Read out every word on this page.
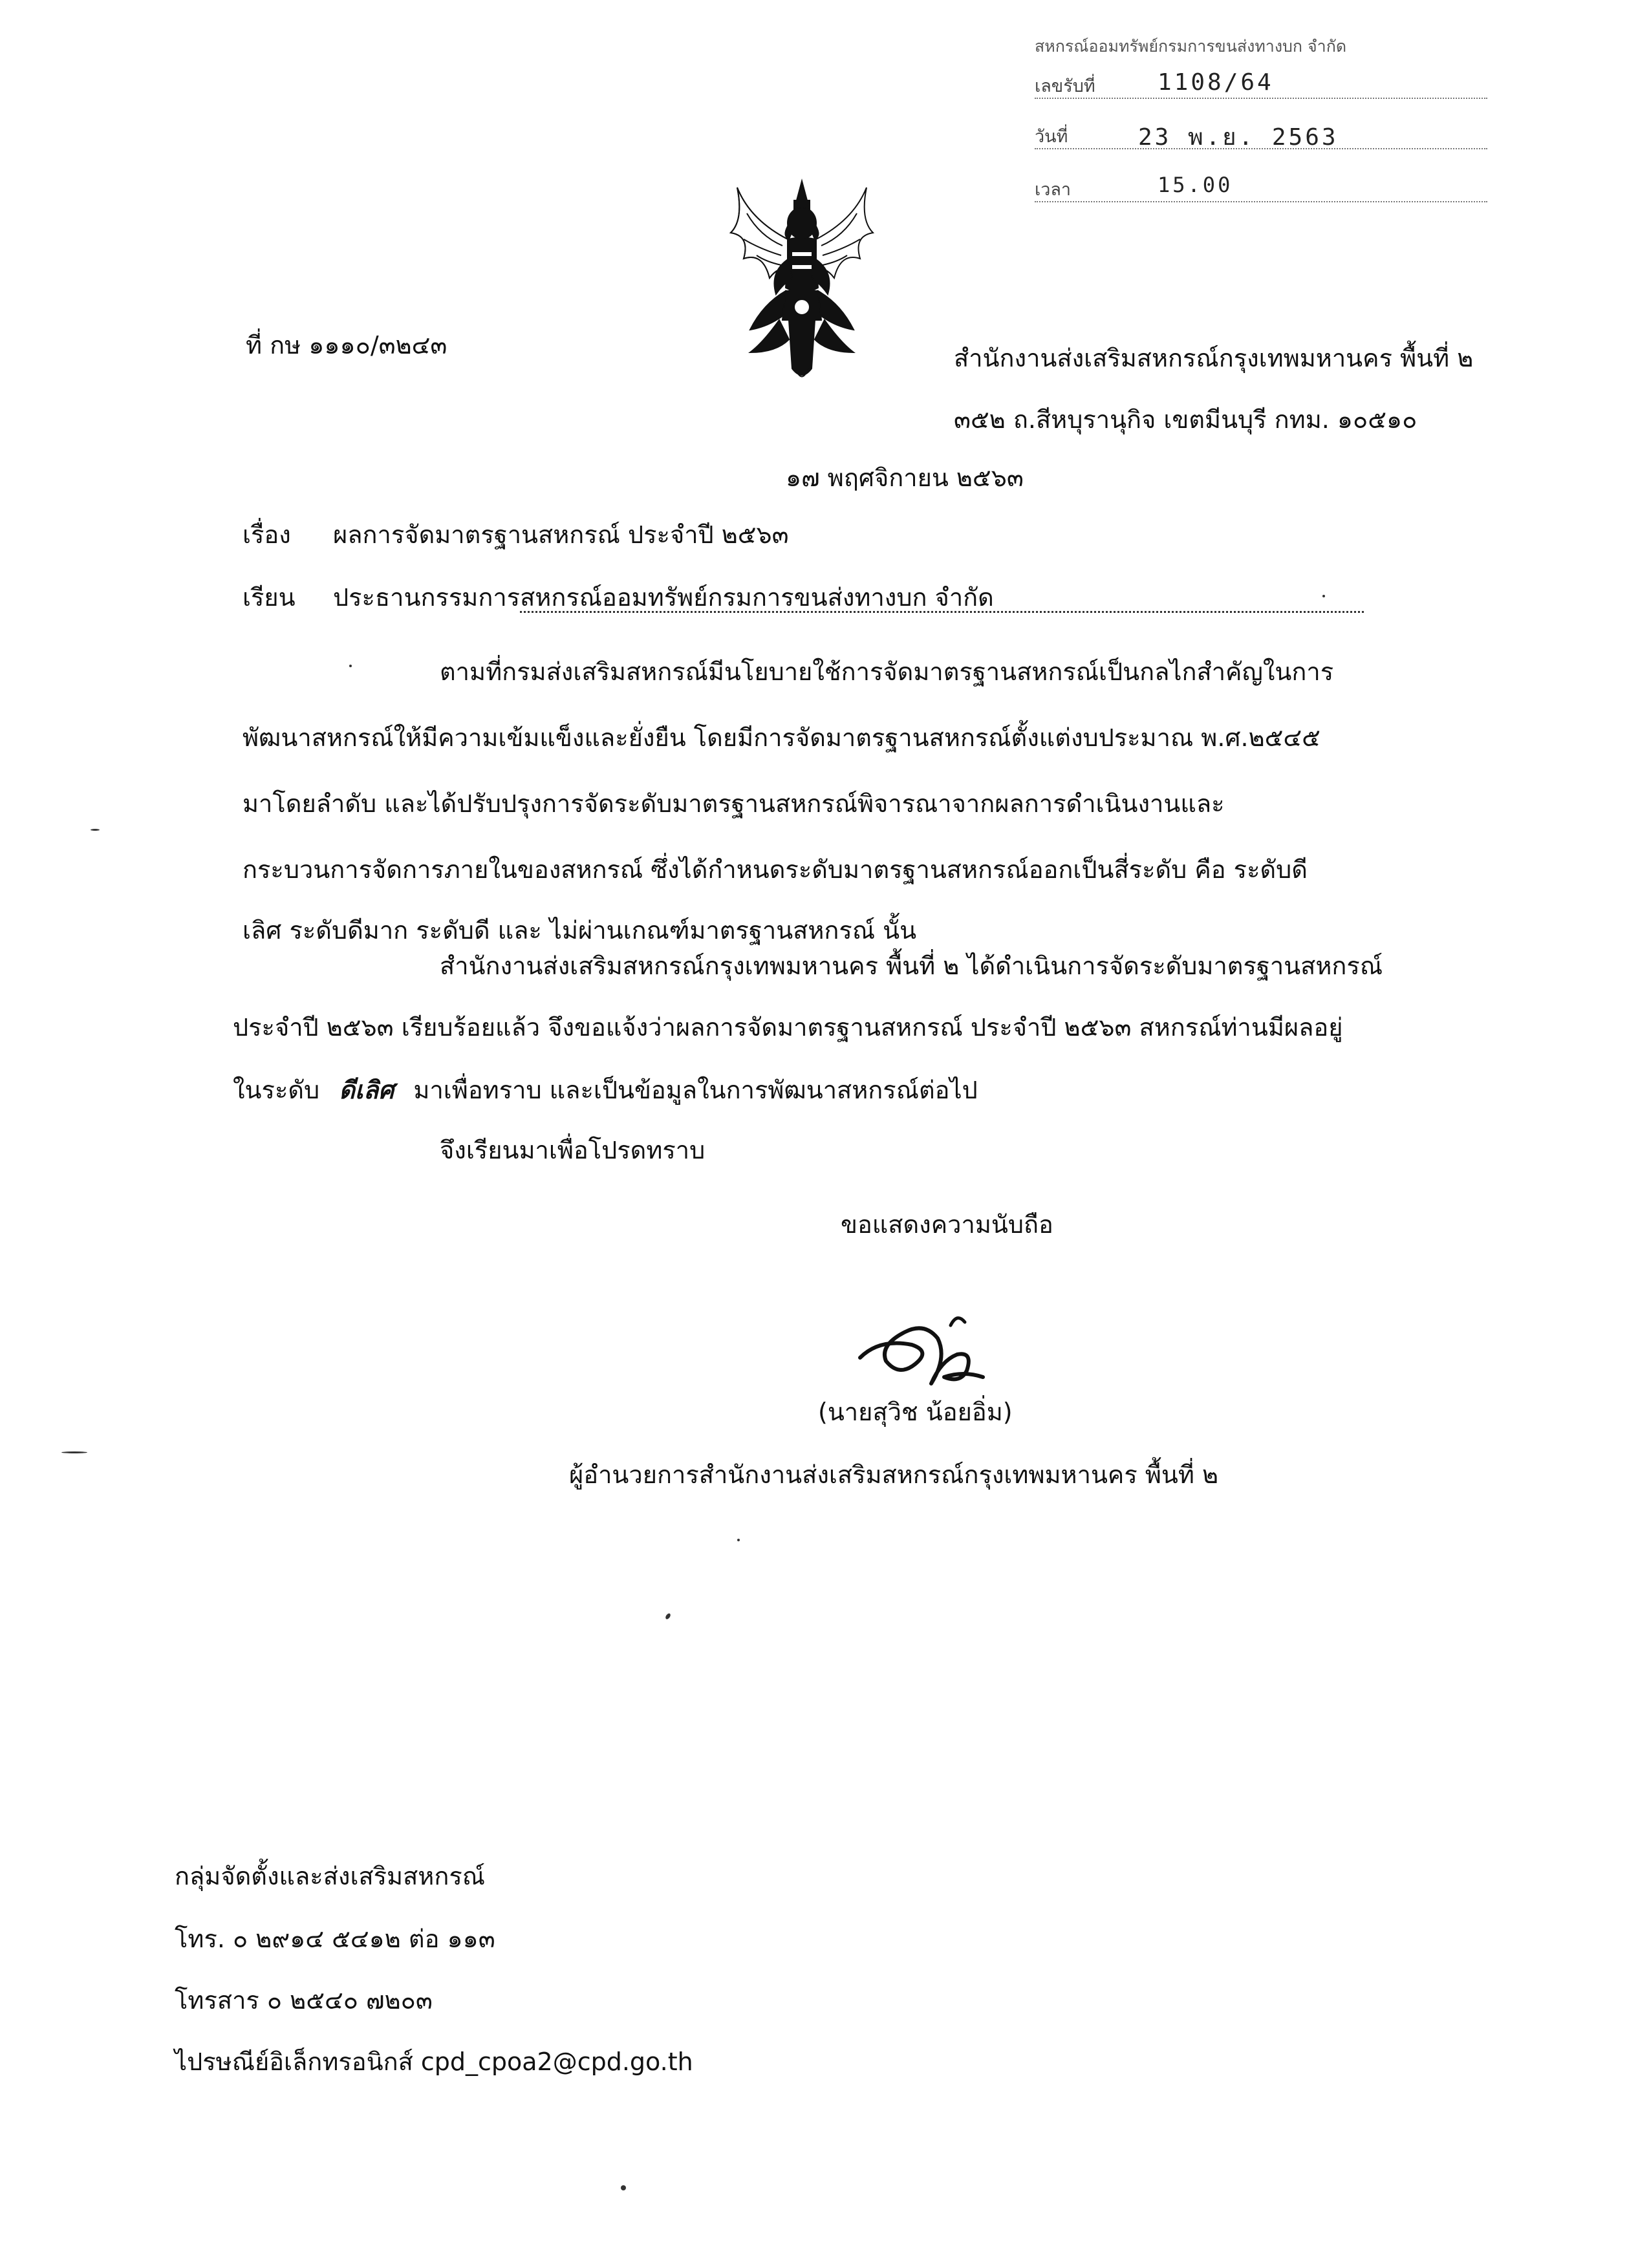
สหกรณ์ออมทรัพย์กรมการขนส่งทางบก จำกัด
เลขรับที่	1108/64
วันที่	23 พ.ย. 2563
เวลา	15.00
ที่ กษ ๑๑๑๐/๓๒๔๓	สำนักงานส่งเสริมสหกรณ์กรุงเทพมหานคร พื้นที่ ๒
๓๕๒ ถ.สีหบุรานุกิจ เขตมีนบุรี กทม. ๑๐๕๑๐
๑๗ พฤศจิกายน ๒๕๖๓
เรื่อง ผลการจัดมาตรฐานสหกรณ์ ประจำปี ๒๕๖๓
เรียน ประธานกรรมการสหกรณ์ออมทรัพย์กรมการขนส่งทางบก จำกัด
ตามที่กรมส่งเสริมสหกรณ์มีนโยบายใช้การจัดมาตรฐานสหกรณ์เป็นกลไกสำคัญในการ
พัฒนาสหกรณ์ให้มีความเข้มแข็งและยั่งยืน โดยมีการจัดมาตรฐานสหกรณ์ตั้งแต่งบประมาณ พ.ศ.๒๕๔๕
มาโดยลำดับ และได้ปรับปรุงการจัดระดับมาตรฐานสหกรณ์พิจารณาจากผลการดำเนินงานและ
กระบวนการจัดการภายในของสหกรณ์ ซึ่งได้กำหนดระดับมาตรฐานสหกรณ์ออกเป็นสี่ระดับ คือ ระดับดี
เลิศ ระดับดีมาก ระดับดี และ ไม่ผ่านเกณฑ์มาตรฐานสหกรณ์ นั้น
สำนักงานส่งเสริมสหกรณ์กรุงเทพมหานคร พื้นที่ ๒ ได้ดำเนินการจัดระดับมาตรฐานสหกรณ์
ประจำปี ๒๕๖๓ เรียบร้อยแล้ว จึงขอแจ้งว่าผลการจัดมาตรฐานสหกรณ์ ประจำปี ๒๕๖๓ สหกรณ์ท่านมีผลอยู่
ในระดับ ดีเลิศ มาเพื่อทราบ และเป็นข้อมูลในการพัฒนาสหกรณ์ต่อไป
จึงเรียนมาเพื่อโปรดทราบ
ขอแสดงความนับถือ
(นายสุวิช น้อยอิ่ม)
ผู้อำนวยการสำนักงานส่งเสริมสหกรณ์กรุงเทพมหานคร พื้นที่ ๒
กลุ่มจัดตั้งและส่งเสริมสหกรณ์
โทร. ๐ ๒๙๑๔ ๕๔๑๒ ต่อ ๑๑๓
โทรสาร ๐ ๒๕๔๐ ๗๒๐๓
ไปรษณีย์อิเล็กทรอนิกส์ cpd_cpoa2@cpd.go.th
